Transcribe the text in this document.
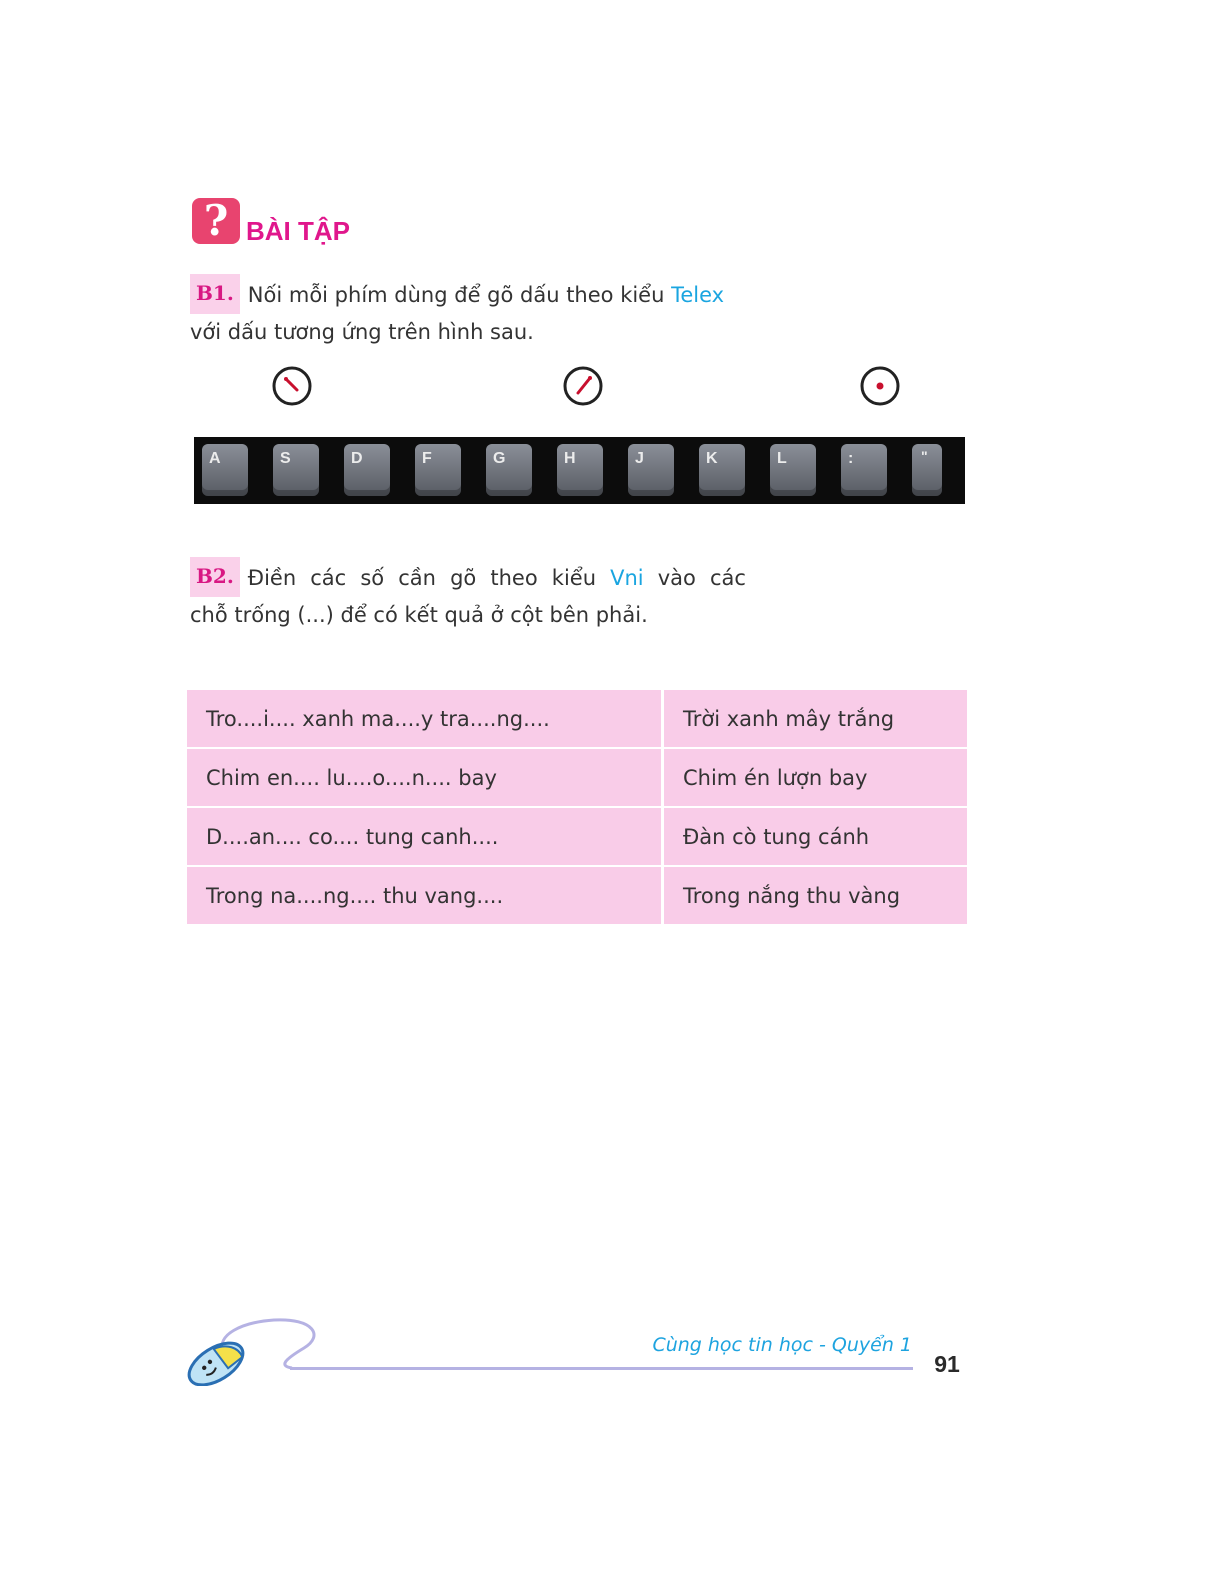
? BÀI TẬP
B1. Nối mỗi phím dùng để gõ dấu theo kiểu Telex
với dấu tương ứng trên hình sau.
A	S	D	F	G	H	J	K	L	:	"
B2. Điền các số cần gõ theo kiểu Vni vào các
chỗ trống (...) để có kết quả ở cột bên phải.
Tro....i.... xanh ma....y tra....ng....	Trời xanh mây trắng
Chim en.... lu....o....n.... bay	Chim én lượn bay
D....an.... co.... tung canh....	Đàn cò tung cánh
Trong na....ng.... thu vang....	Trong nắng thu vàng
Cùng học tin học - Quyển 1
91
